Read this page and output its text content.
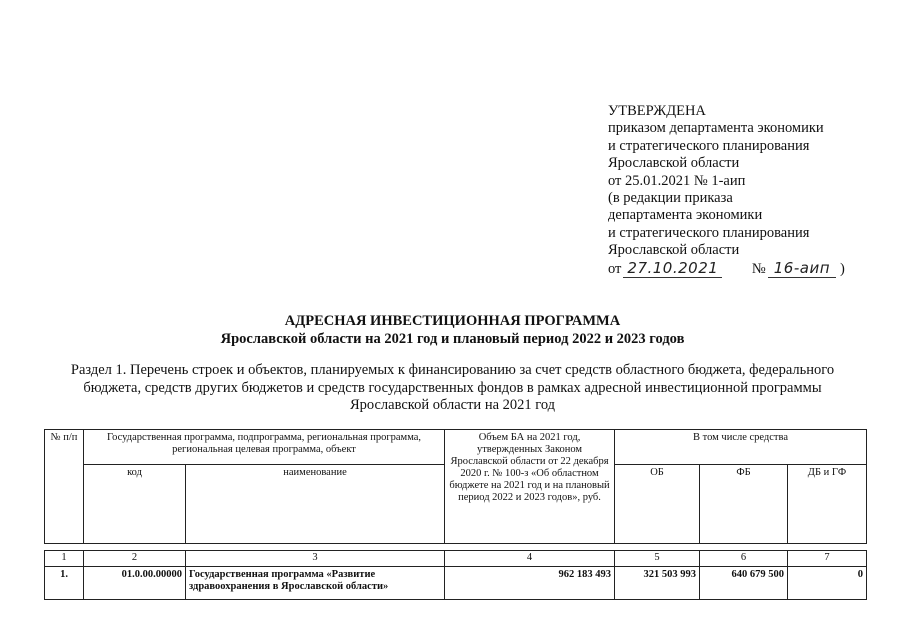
УТВЕРЖДЕНА
приказом департамента экономики
и стратегического планирования
Ярославской области
от 25.01.2021 № 1-аип
(в редакции приказа
департамента экономики
и стратегического планирования
Ярославской области
от 27.10.2021 № 16-аип )
АДРЕСНАЯ ИНВЕСТИЦИОННАЯ ПРОГРАММА
Ярославской области на 2021 год и плановый период 2022 и 2023 годов
Раздел 1. Перечень строек и объектов, планируемых к финансированию за счет средств областного бюджета, федерального бюджета, средств других бюджетов и средств государственных фондов в рамках адресной инвестиционной программы Ярославской области на 2021 год
№ п/п	Государственная программа, подпрограмма, региональная программа, региональная целевая программа, объект		Объем БА на 2021 год, утвержденных Законом Ярославской области от 22 декабря 2020 г. № 100-з «Об областном бюджете на 2021 год и на плановый период 2022 и 2023 годов», руб.	В том числе средства		
	код	наименование		ОБ	ФБ	ДБ и ГФ

1	2	3	4	5	6	7
1.	01.0.00.00000	Государственная программа «Развитие здравоохранения в Ярославской области»	962 183 493	321 503 993	640 679 500	0
